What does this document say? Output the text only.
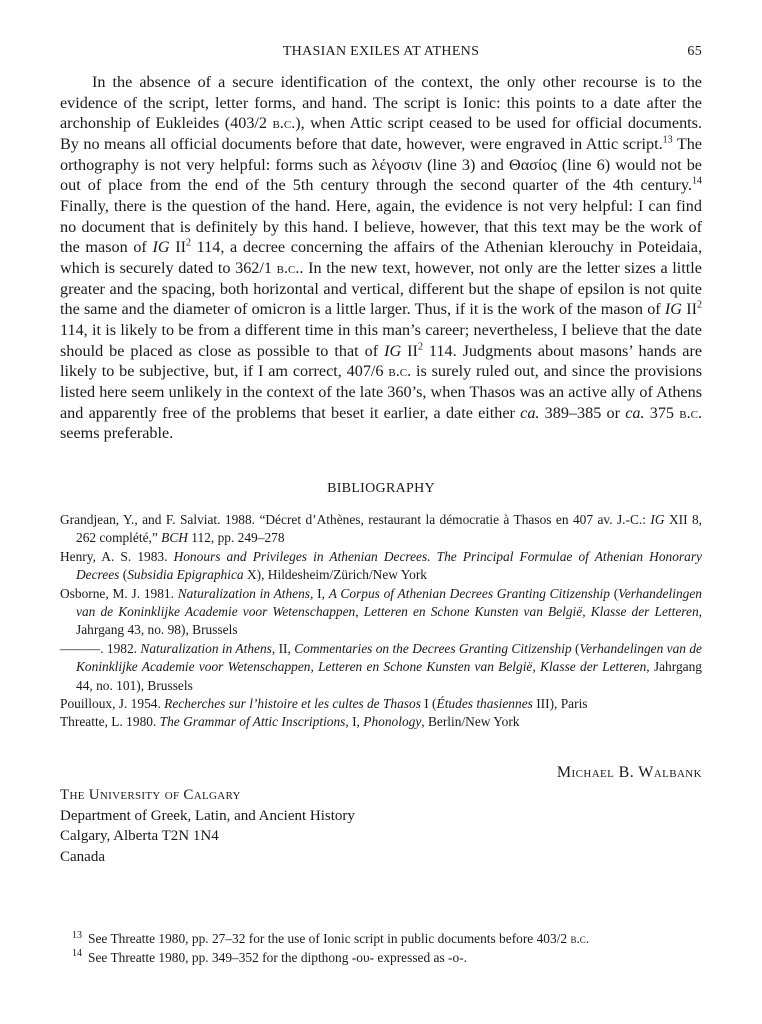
THASIAN EXILES AT ATHENS	65

In the absence of a secure identification of the context, the only other recourse is to the evidence of the script, letter forms, and hand. The script is Ionic: this points to a date after the archonship of Eukleides (403/2 b.c.), when Attic script ceased to be used for official documents. By no means all official documents before that date, however, were engraved in Attic script.$^{13}$ The orthography is not very helpful: forms such as λέγοσιν (line 3) and Θασίος (line 6) would not be out of place from the end of the 5th century through the second quarter of the 4th century.$^{14}$ Finally, there is the question of the hand. Here, again, the evidence is not very helpful: I can find no document that is definitely by this hand. I believe, however, that this text may be the work of the mason of IG $II^2$ 114, a decree concerning the affairs of the Athenian klerouchy in Poteidaia, which is securely dated to 362/1 b.c.. In the new text, however, not only are the letter sizes a little greater and the spacing, both horizontal and vertical, different but the shape of epsilon is not quite the same and the diameter of omicron is a little larger. Thus, if it is the work of the mason of IG $II^2$ 114, it is likely to be from a different time in this man’s career; nevertheless, I believe that the date should be placed as close as possible to that of IG $II^2$ 114. Judgments about masons’ hands are likely to be subjective, but, if I am correct, 407/6 b.c. is surely ruled out, and since the provisions listed here seem unlikely in the context of the late 360’s, when Thasos was an active ally of Athens and apparently free of the problems that beset it earlier, a date either ca. 389–385 or ca. 375 b.c. seems preferable.

BIBLIOGRAPHY

Grandjean, Y., and F. Salviat. 1988. “Décret d’Athènes, restaurant la démocratie à Thasos en 407 av. J.-C.: IG XII 8, 262 complété,” BCH 112, pp. 249–278

Henry, A. S. 1983. Honours and Privileges in Athenian Decrees. The Principal Formulae of Athenian Honorary Decrees (Subsidia Epigraphica X), Hildesheim/Zürich/New York

Osborne, M. J. 1981. Naturalization in Athens, I, A Corpus of Athenian Decrees Granting Citizenship (Verhandelingen van de Koninklijke Academie voor Wetenschappen, Letteren en Schone Kunsten van België, Klasse der Letteren, Jahrgang 43, no. 98), Brussels

———. 1982. Naturalization in Athens, II, Commentaries on the Decrees Granting Citizenship (Verhandelingen van de Koninklijke Academie voor Wetenschappen, Letteren en Schone Kunsten van België, Klasse der Letteren, Jahrgang 44, no. 101), Brussels

Pouilloux, J. 1954. Recherches sur l’histoire et les cultes de Thasos I (Études thasiennes III), Paris

Threatte, L. 1980. The Grammar of Attic Inscriptions, I, Phonology, Berlin/New York

Michael B. Walbank
The University of Calgary
Department of Greek, Latin, and Ancient History
Calgary, Alberta T2N 1N4
Canada

$^{13}$ See Threatte 1980, pp. 27–32 for the use of Ionic script in public documents before 403/2 b.c.

$^{14}$ See Threatte 1980, pp. 349–352 for the dipthong -ου- expressed as -ο-.
